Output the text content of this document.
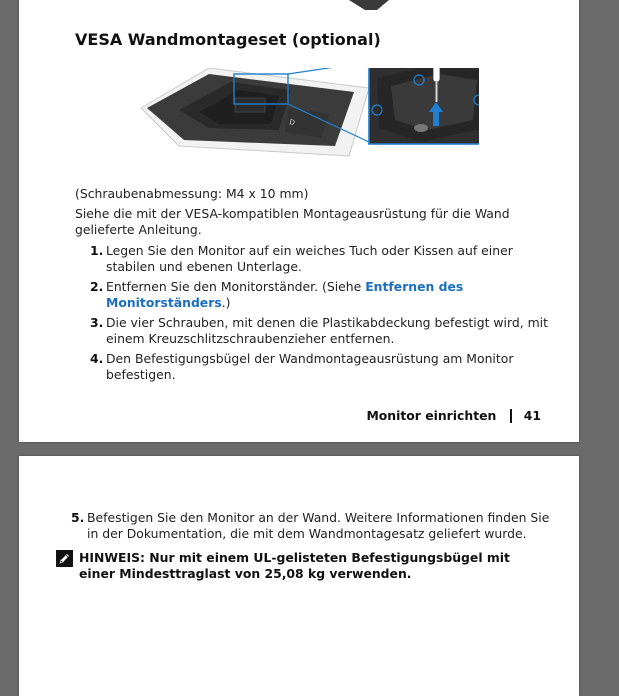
VESA Wandmontageset (optional)
D
(Schraubenabmessung: M4 x 10 mm)
Siehe die mit der VESA-kompatiblen Montageausrüstung für die Wand gelieferte Anleitung.
1. Legen Sie den Monitor auf ein weiches Tuch oder Kissen auf einer stabilen und ebenen Unterlage.
2. Entfernen Sie den Monitorständer. (Siehe Entfernen des Monitorständers.)
3. Die vier Schrauben, mit denen die Plastikabdeckung befestigt wird, mit einem Kreuzschlitzschraubenzieher entfernen.
4. Den Befestigungsbügel der Wandmontageausrüstung am Monitor befestigen.
Monitor einrichten 41
5. Befestigen Sie den Monitor an der Wand. Weitere Informationen finden Sie in der Dokumentation, die mit dem Wandmontagesatz geliefert wurde.
HINWEIS: Nur mit einem UL-gelisteten Befestigungsbügel mit einer Mindesttraglast von 25,08 kg verwenden.
